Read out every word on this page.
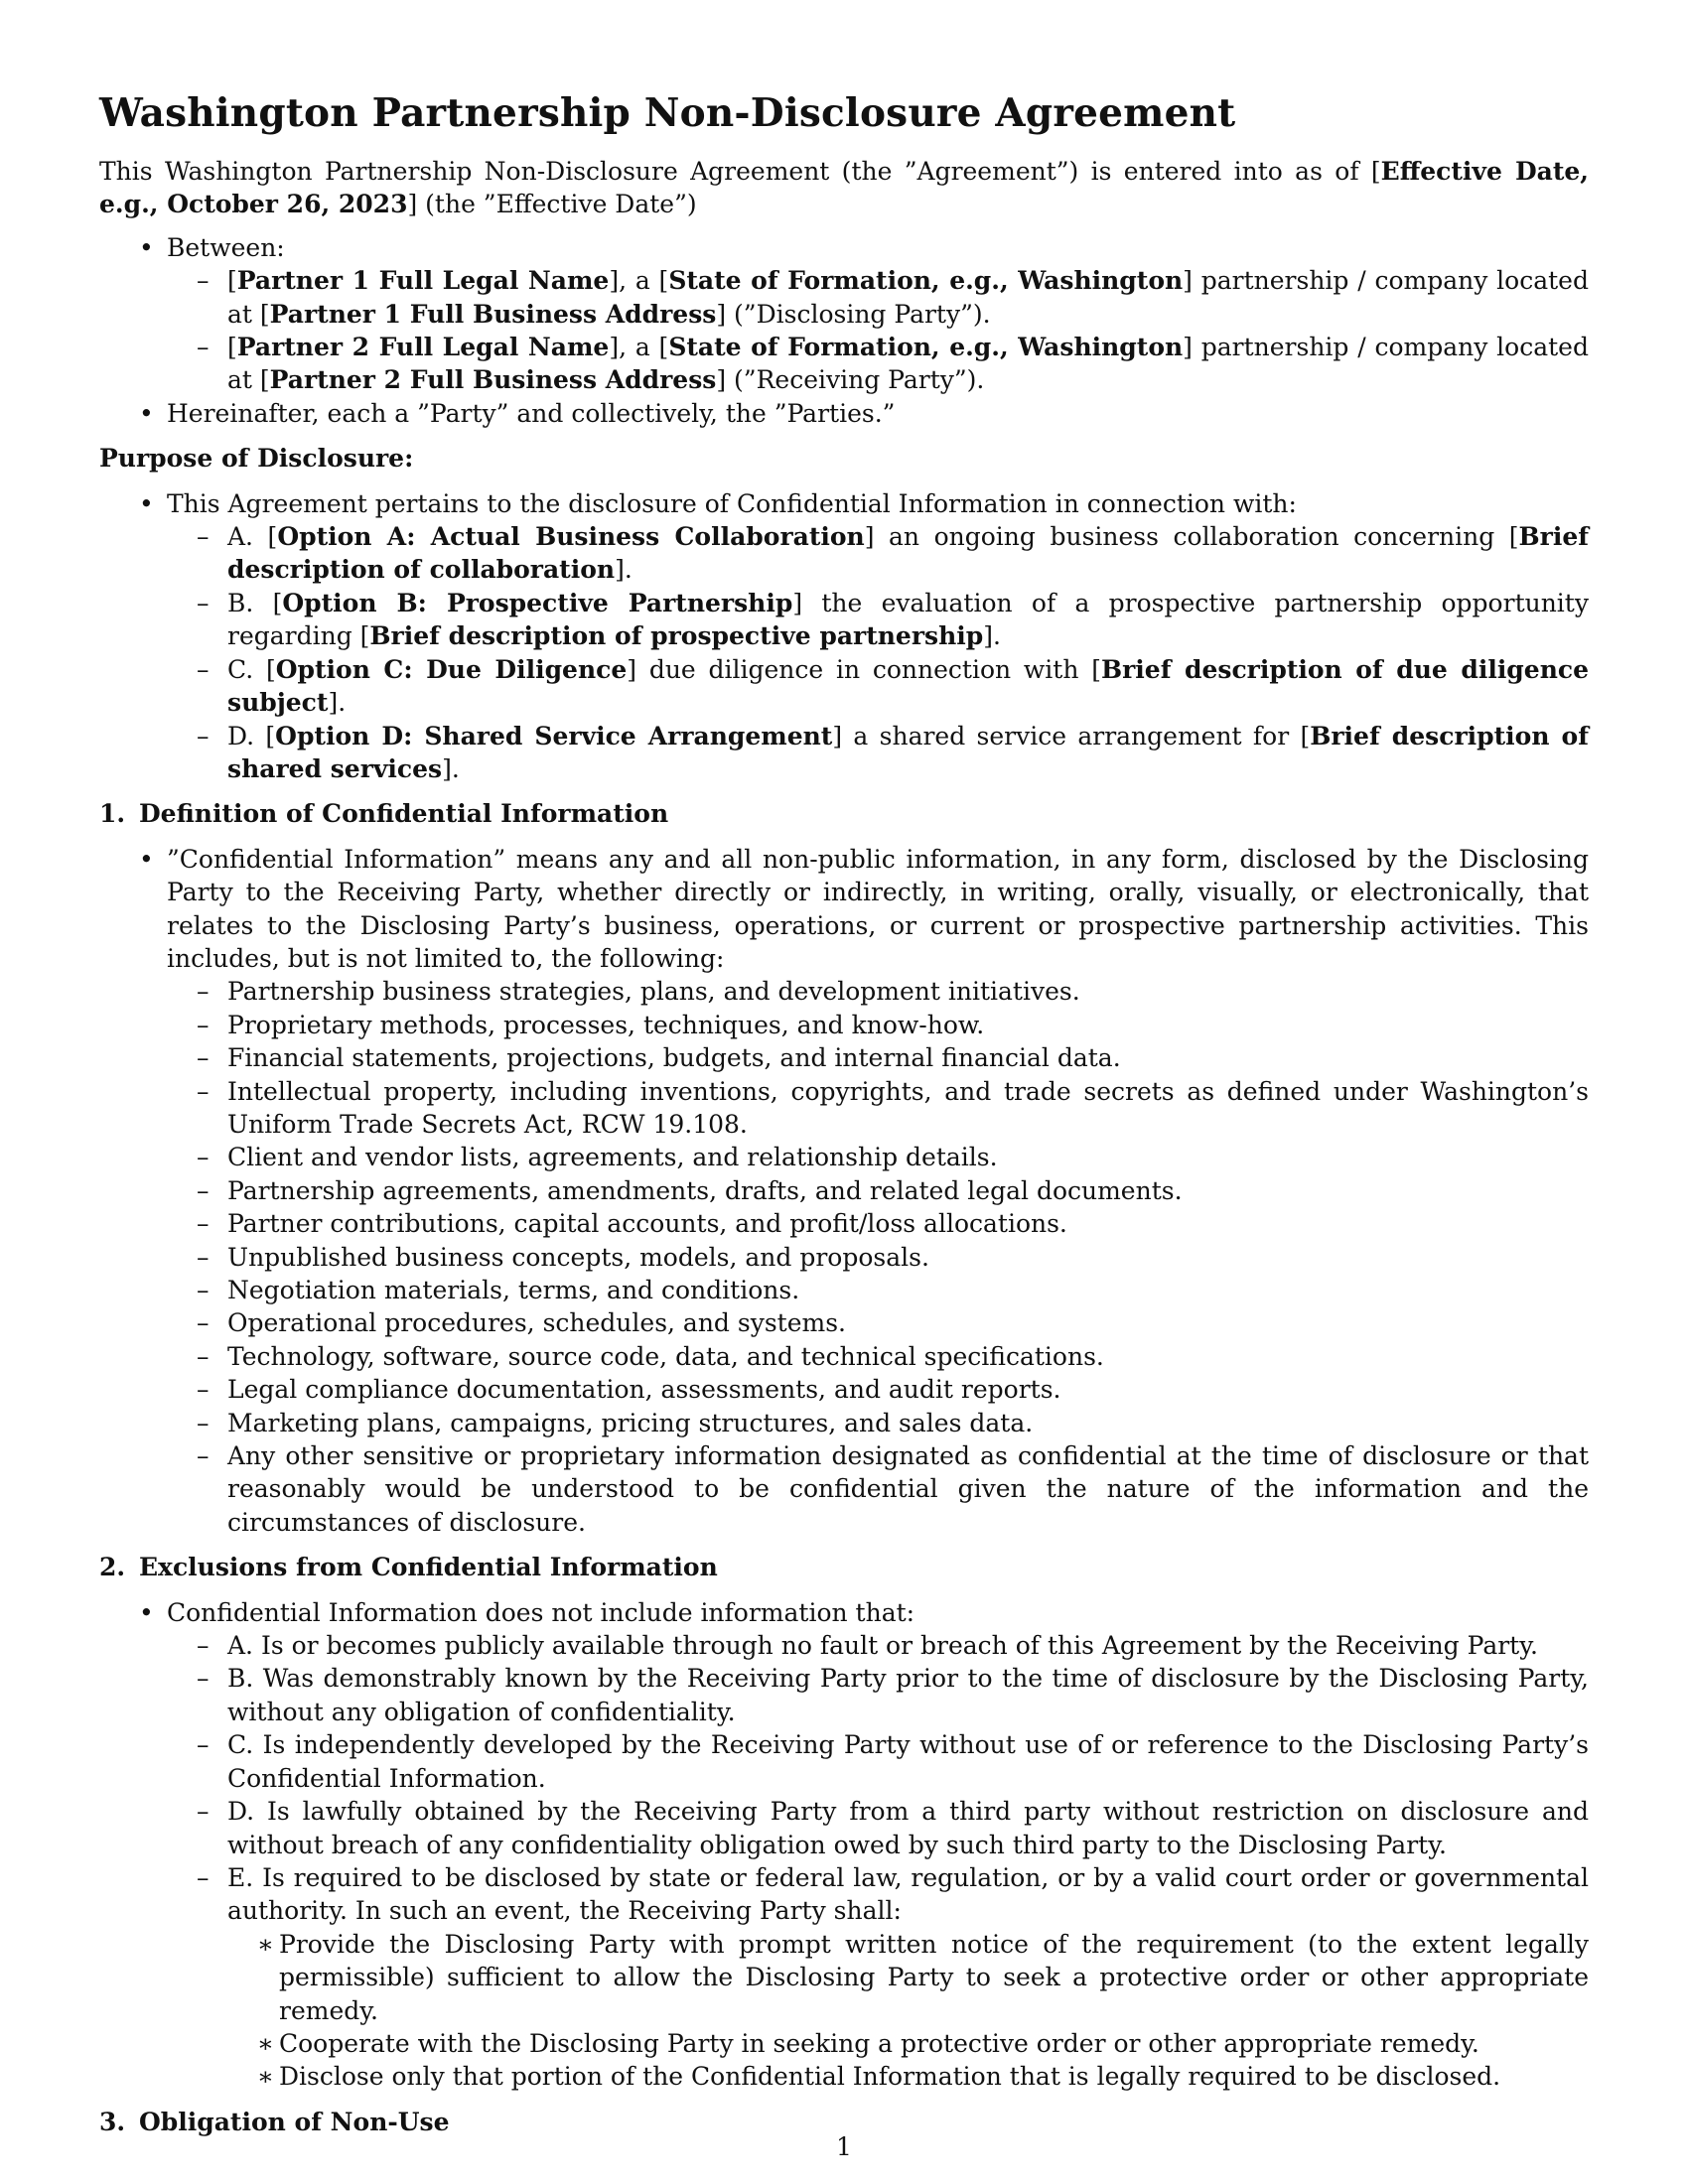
Washington Partnership Non-Disclosure Agreement

This Washington Partnership Non-Disclosure Agreement (the ”Agreement”) is entered into as of [Effective Date, e.g., October 26, 2023] (the ”Effective Date”)

• Between:
– [Partner 1 Full Legal Name], a [State of Formation, e.g., Washington] partnership / company located at [Partner 1 Full Business Address] (”Disclosing Party”).
– [Partner 2 Full Legal Name], a [State of Formation, e.g., Washington] partnership / company located at [Partner 2 Full Business Address] (”Receiving Party”).
• Hereinafter, each a ”Party” and collectively, the ”Parties.”
Purpose of Disclosure:
• This Agreement pertains to the disclosure of Confidential Information in connection with:
– A. [Option A: Actual Business Collaboration] an ongoing business collaboration concerning [Brief description of collaboration].
– B. [Option B: Prospective Partnership] the evaluation of a prospective partnership opportunity regarding [Brief description of prospective partnership].
– C. [Option C: Due Diligence] due diligence in connection with [Brief description of due diligence subject].
– D. [Option D: Shared Service Arrangement] a shared service arrangement for [Brief description of shared services].
1. Definition of Confidential Information
• ”Confidential Information” means any and all non-public information, in any form, disclosed by the Disclosing Party to the Receiving Party, whether directly or indirectly, in writing, orally, visually, or electronically, that relates to the Disclosing Party’s business, operations, or current or prospective partnership activities. This includes, but is not limited to, the following:
– Partnership business strategies, plans, and development initiatives.
– Proprietary methods, processes, techniques, and know-how.
– Financial statements, projections, budgets, and internal financial data.
– Intellectual property, including inventions, copyrights, and trade secrets as defined under Washington’s Uniform Trade Secrets Act, RCW 19.108.
– Client and vendor lists, agreements, and relationship details.
– Partnership agreements, amendments, drafts, and related legal documents.
– Partner contributions, capital accounts, and profit/loss allocations.
– Unpublished business concepts, models, and proposals.
– Negotiation materials, terms, and conditions.
– Operational procedures, schedules, and systems.
– Technology, software, source code, data, and technical specifications.
– Legal compliance documentation, assessments, and audit reports.
– Marketing plans, campaigns, pricing structures, and sales data.
– Any other sensitive or proprietary information designated as confidential at the time of disclosure or that reasonably would be understood to be confidential given the nature of the information and the circumstances of disclosure.
2. Exclusions from Confidential Information
• Confidential Information does not include information that:
– A. Is or becomes publicly available through no fault or breach of this Agreement by the Receiving Party.
– B. Was demonstrably known by the Receiving Party prior to the time of disclosure by the Disclosing Party, without any obligation of confidentiality.
– C. Is independently developed by the Receiving Party without use of or reference to the Disclosing Party’s Confidential Information.
– D. Is lawfully obtained by the Receiving Party from a third party without restriction on disclosure and without breach of any confidentiality obligation owed by such third party to the Disclosing Party.
– E. Is required to be disclosed by state or federal law, regulation, or by a valid court order or governmental authority. In such an event, the Receiving Party shall:
∗ Provide the Disclosing Party with prompt written notice of the requirement (to the extent legally permissible) sufficient to allow the Disclosing Party to seek a protective order or other appropriate remedy.
∗ Cooperate with the Disclosing Party in seeking a protective order or other appropriate remedy.
∗ Disclose only that portion of the Confidential Information that is legally required to be disclosed.
3. Obligation of Non-Use
1
